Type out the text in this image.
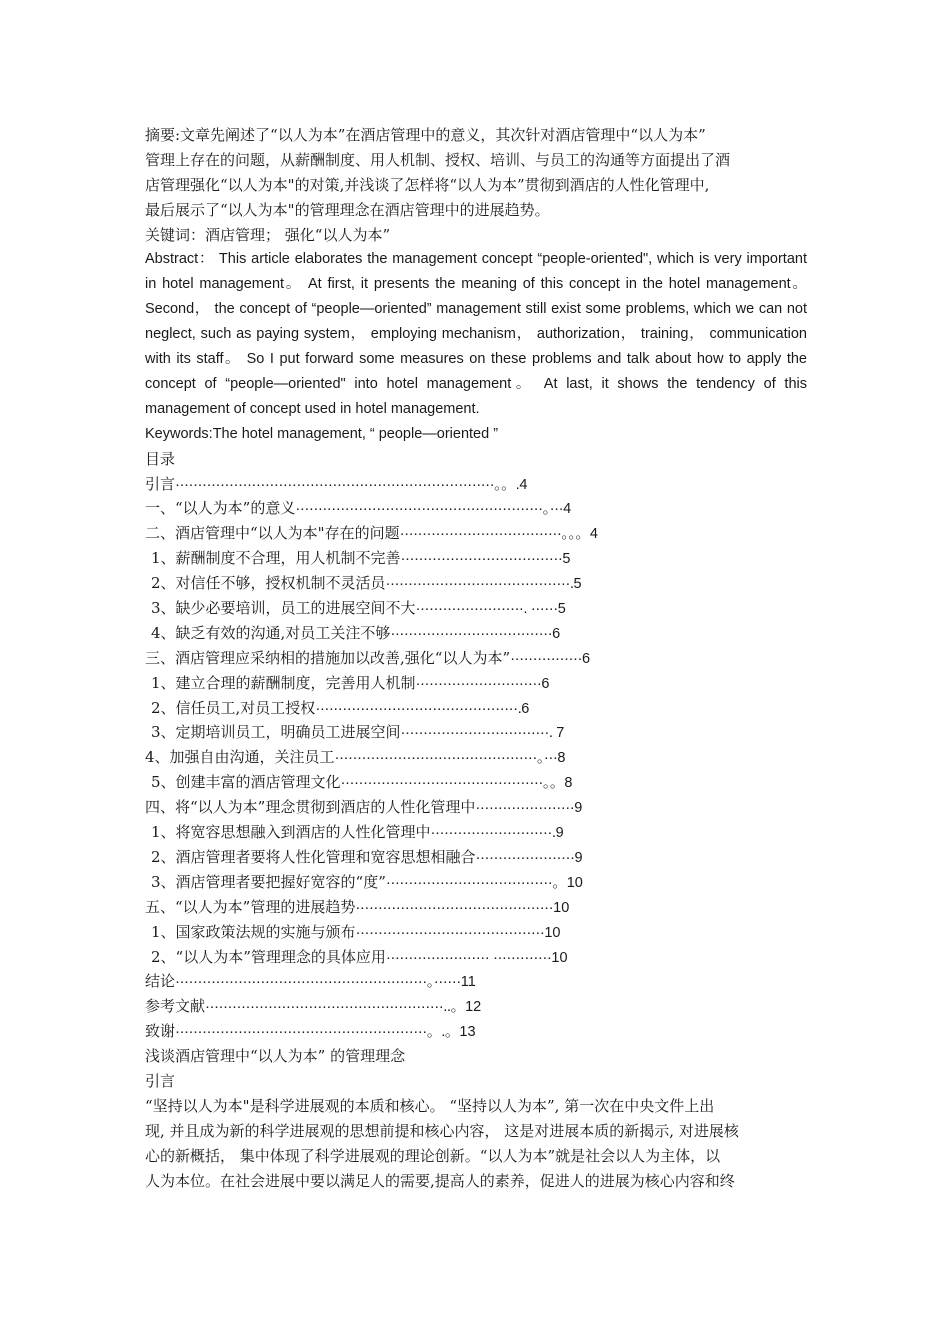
摘要:文章先阐述了“以人为本”在酒店管理中的意义，其次针对酒店管理中“以人为本”
管理上存在的问题，从薪酬制度、用人机制、授权、培训、与员工的沟通等方面提出了酒
店管理强化“以人为本"的对策,并浅谈了怎样将“以人为本”贯彻到酒店的人性化管理中,
最后展示了“以人为本"的管理理念在酒店管理中的进展趋势。
关键词：酒店管理； 强化“以人为本”
Abstract： This article elaborates the management concept “people-oriented", which is very important in hotel management。 At first, it presents the meaning of this concept in the hotel management。 Second， the concept of “people—oriented” management still exist some problems, which we can not neglect, such as paying system， employing mechanism， authorization， training， communication with its staff。 So I put forward some measures on these problems and talk about how to apply the concept of “people—oriented" into hotel management。 At last, it shows the tendency of this management of concept used in hotel management.
Keywords:The hotel management, “ people—oriented ”
目录
引言·······································································。。.4
一、“以人为本”的意义·······················································。···4
二、酒店管理中“以人为本"存在的问题····································。。。4
1、薪酬制度不合理，用人机制不完善····································5
2、对信任不够，授权机制不灵活员·········································.5
3、缺少必要培训，员工的进展空间不大························. ······5
4、缺乏有效的沟通,对员工关注不够····································6
三、酒店管理应采纳相的措施加以改善,强化“以人为本”················6
1、建立合理的薪酬制度，完善用人机制····························6
2、信任员工,对员工授权·············································.6
3、定期培训员工，明确员工进展空间·································. 7
4、加强自由沟通，关注员工·············································。···8
5、创建丰富的酒店管理文化·············································。。8
四、将“以人为本”理念贯彻到酒店的人性化管理中······················9
1、将宽容思想融入到酒店的人性化管理中···························.9
2、酒店管理者要将人性化管理和宽容思想相融合······················9
3、酒店管理者要把握好宽容的“度”·····································。10
五、“以人为本”管理的进展趋势············································10
1、国家政策法规的实施与颁布··········································10
2、“以人为本”管理理念的具体应用······················· ·············10
结论························································。······11
参考文献·····················································..。12
致谢························································。.。13
浅谈酒店管理中“以人为本” 的管理理念
引言
“坚持以人为本"是科学进展观的本质和核心。 “坚持以人为本”, 第一次在中央文件上出
现, 并且成为新的科学进展观的思想前提和核心内容， 这是对进展本质的新揭示, 对进展核
心的新概括， 集中体现了科学进展观的理论创新。“以人为本”就是社会以人为主体，以
人为本位。在社会进展中要以满足人的需要,提高人的素养，促进人的进展为核心内容和终
